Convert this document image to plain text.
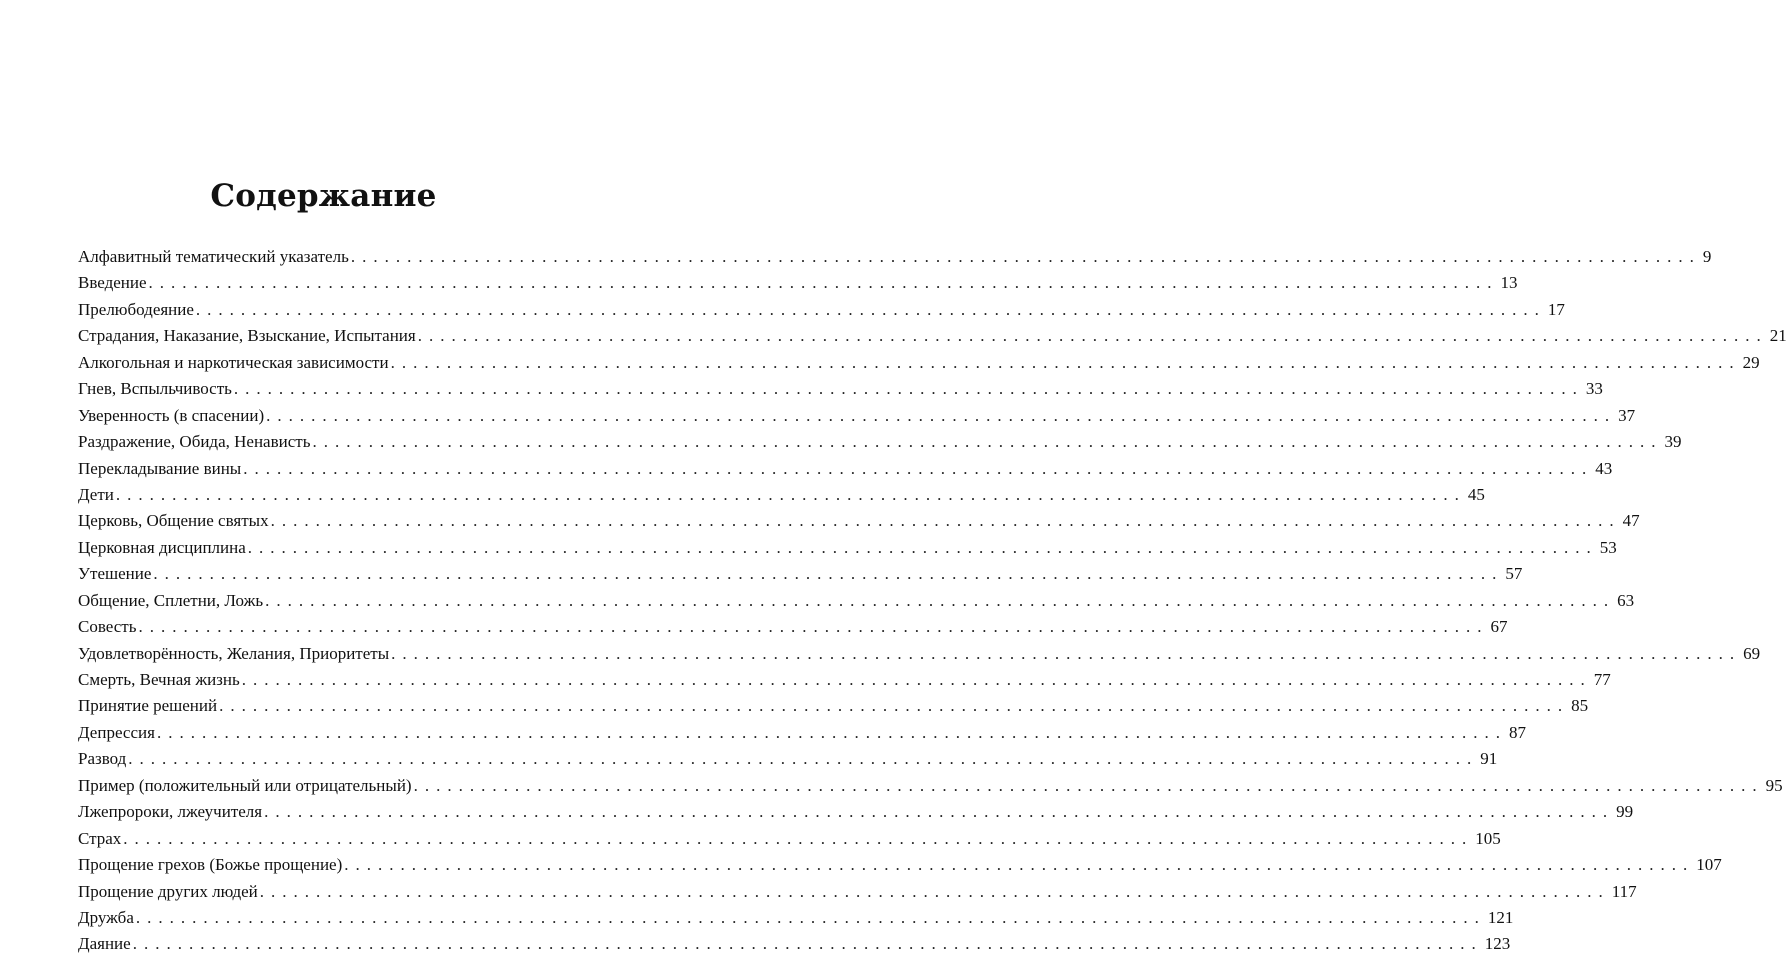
Содержание
Алфавитный тематический указатель ........................................................................................................................ 9
Введение ........................................................................................................................ 13
Прелюбодеяние ........................................................................................................................ 17
Страдания, Наказание, Взыскание, Испытания ........................................................................................................................ 21
Алкогольная и наркотическая зависимости ........................................................................................................................ 29
Гнев, Вспыльчивость ........................................................................................................................ 33
Уверенность (в спасении) ........................................................................................................................ 37
Раздражение, Обида, Ненависть ........................................................................................................................ 39
Перекладывание вины ........................................................................................................................ 43
Дети ........................................................................................................................ 45
Церковь, Общение святых ........................................................................................................................ 47
Церковная дисциплина ........................................................................................................................ 53
Утешение ........................................................................................................................ 57
Общение, Сплетни, Ложь ........................................................................................................................ 63
Совесть ........................................................................................................................ 67
Удовлетворённость, Желания, Приоритеты ........................................................................................................................ 69
Смерть, Вечная жизнь ........................................................................................................................ 77
Принятие решений ........................................................................................................................ 85
Депрессия ........................................................................................................................ 87
Развод ........................................................................................................................ 91
Пример (положительный или отрицательный) ........................................................................................................................ 95
Лжепророки, лжеучителя ........................................................................................................................ 99
Страх ........................................................................................................................ 105
Прощение грехов (Божье прощение) ........................................................................................................................ 107
Прощение других людей ........................................................................................................................ 117
Дружба ........................................................................................................................ 121
Даяние ........................................................................................................................ 123
